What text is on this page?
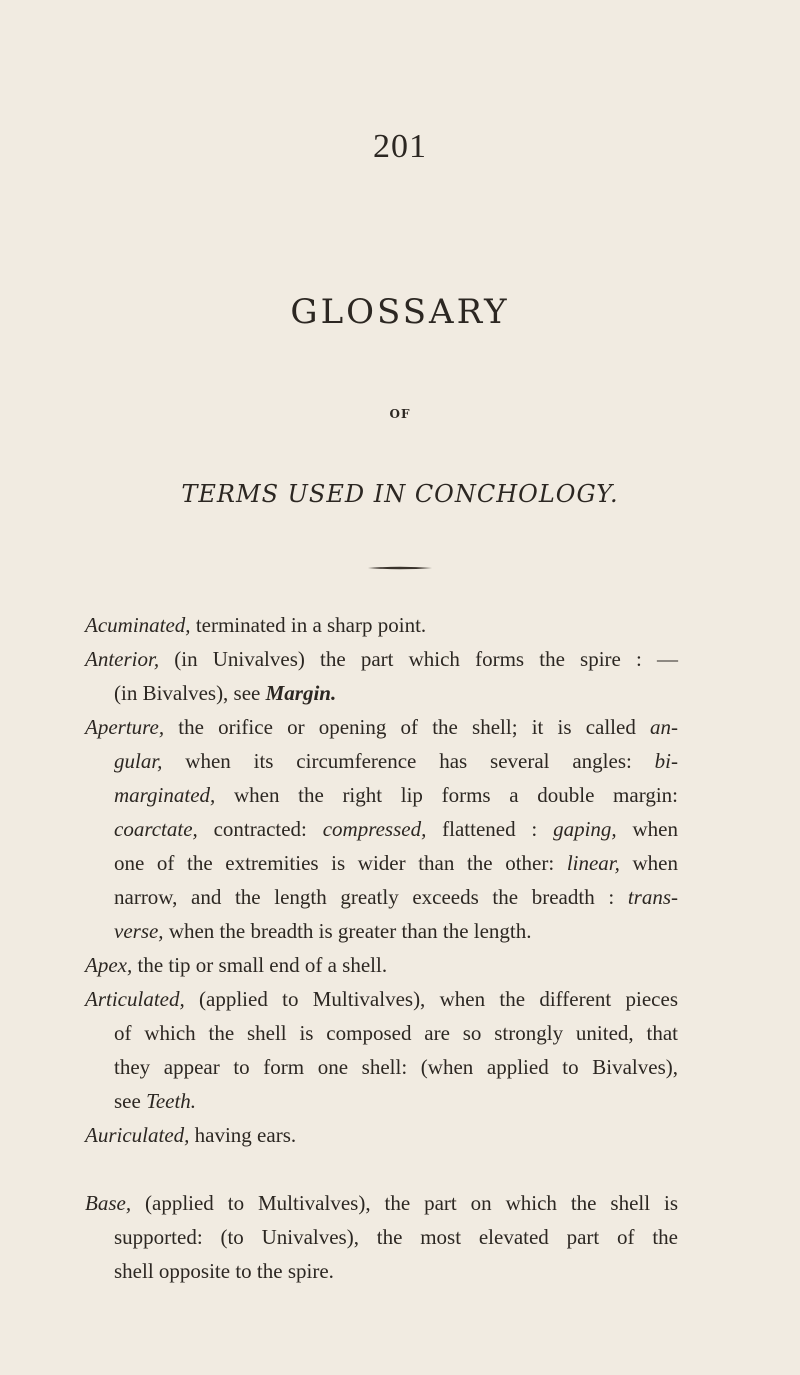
201
GLOSSARY
OF
TERMS USED IN CONCHOLOGY.
Acuminated, terminated in a sharp point.
Anterior, (in Univalves) the part which forms the spire : —
(in Bivalves), see Margin.
Aperture, the orifice or opening of the shell; it is called an-
gular, when its circumference has several angles: bi-
marginated, when the right lip forms a double margin:
coarctate, contracted: compressed, flattened : gaping, when
one of the extremities is wider than the other: linear, when
narrow, and the length greatly exceeds the breadth : trans-
verse, when the breadth is greater than the length.
Apex, the tip or small end of a shell.
Articulated, (applied to Multivalves), when the different pieces
of which the shell is composed are so strongly united, that
they appear to form one shell: (when applied to Bivalves),
see Teeth.
Auriculated, having ears.
Base, (applied to Multivalves), the part on which the shell is
supported: (to Univalves), the most elevated part of the
shell opposite to the spire.
